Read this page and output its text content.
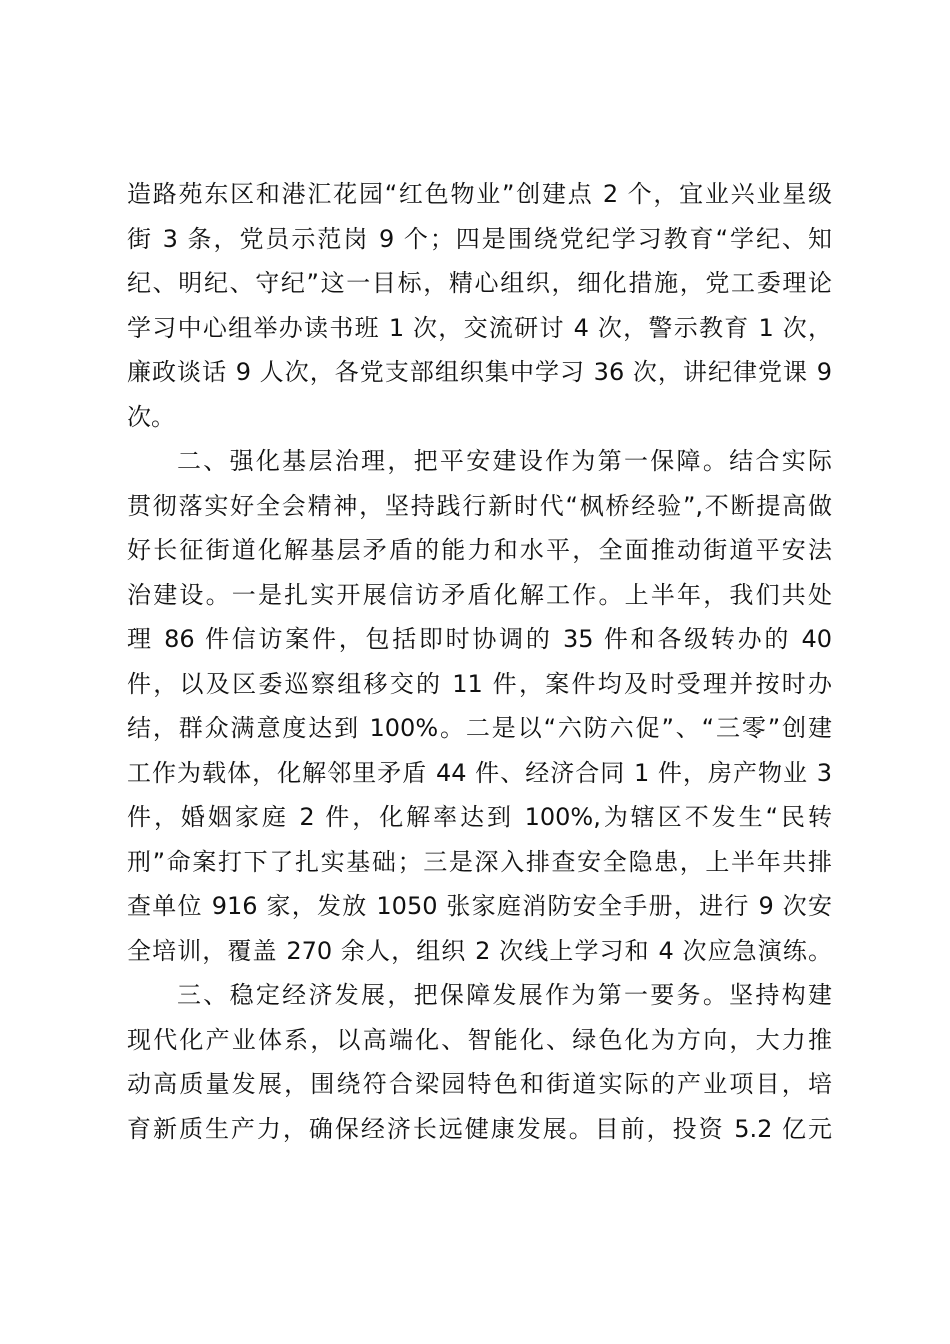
造路苑东区和港汇花园“红色物业”创建点 2 个，宜业兴业星级
街 3 条，党员示范岗 9 个；四是围绕党纪学习教育“学纪、知
纪、明纪、守纪”这一目标，精心组织，细化措施，党工委理论
学习中心组举办读书班 1 次，交流研讨 4 次，警示教育 1 次，
廉政谈话 9 人次，各党支部组织集中学习 36 次，讲纪律党课 9
次。
二、强化基层治理，把平安建设作为第一保障。结合实际
贯彻落实好全会精神，坚持践行新时代“枫桥经验”,不断提高做
好长征街道化解基层矛盾的能力和水平，全面推动街道平安法
治建设。一是扎实开展信访矛盾化解工作。上半年，我们共处
理 86 件信访案件，包括即时协调的 35 件和各级转办的 40
件，以及区委巡察组移交的 11 件，案件均及时受理并按时办
结，群众满意度达到 100%。二是以“六防六促”、“三零”创建
工作为载体，化解邻里矛盾 44 件、经济合同 1 件，房产物业 3
件，婚姻家庭 2 件，化解率达到 100%,为辖区不发生“民转
刑”命案打下了扎实基础；三是深入排查安全隐患，上半年共排
查单位 916 家，发放 1050 张家庭消防安全手册，进行 9 次安
全培训，覆盖 270 余人，组织 2 次线上学习和 4 次应急演练。
三、稳定经济发展，把保障发展作为第一要务。坚持构建
现代化产业体系，以高端化、智能化、绿色化为方向，大力推
动高质量发展，围绕符合梁园特色和街道实际的产业项目，培
育新质生产力，确保经济长远健康发展。目前，投资 5.2 亿元
